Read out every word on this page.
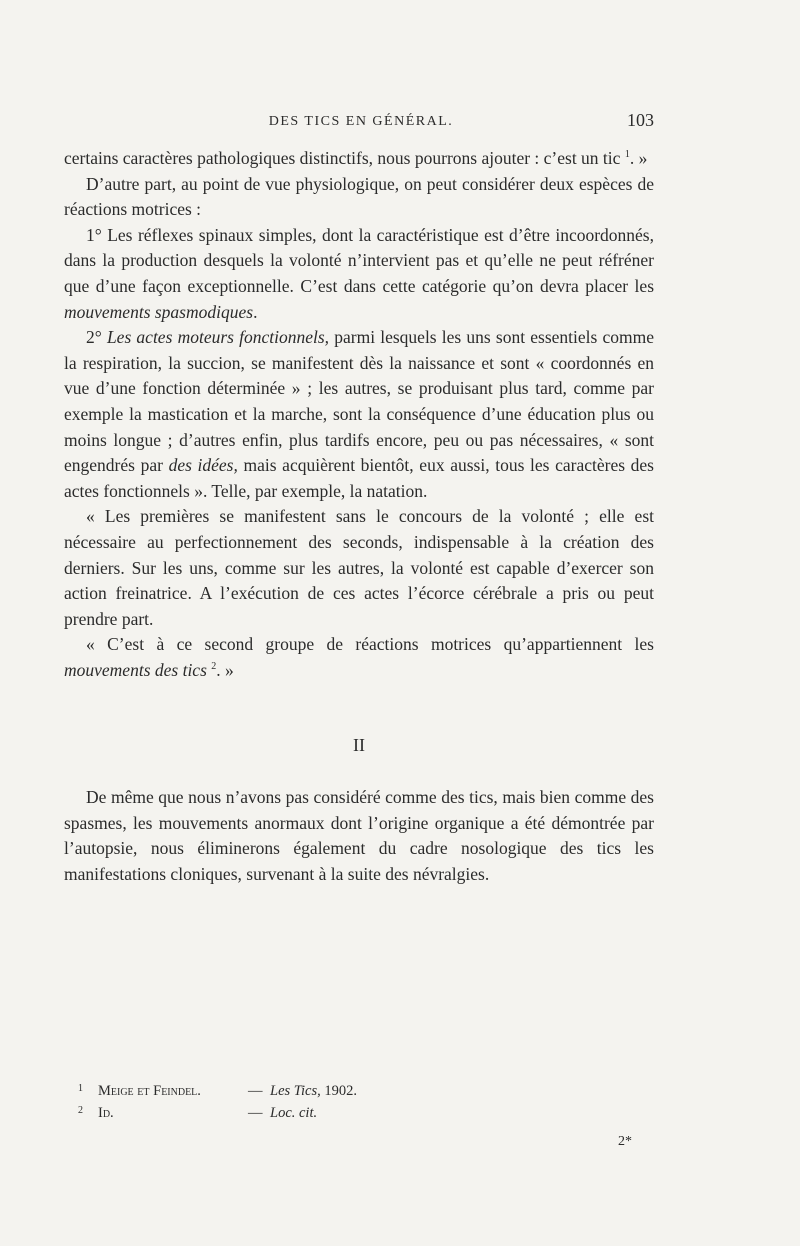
DES TICS EN GÉNÉRAL.	103

certains caractères pathologiques distinctifs, nous pourrons ajouter : c’est un tic $^1$. »

D’autre part, au point de vue physiologique, on peut considérer deux espèces de réactions motrices :

1° Les réflexes spinaux simples, dont la caractéristique est d’être incoordonnés, dans la production desquels la volonté n’intervient pas et qu’elle ne peut réfréner que d’une façon exceptionnelle. C’est dans cette catégorie qu’on devra placer les mouvements spasmodiques.

2° Les actes moteurs fonctionnels, parmi lesquels les uns sont essentiels comme la respiration, la succion, se manifestent dès la naissance et sont « coordonnés en vue d’une fonction déterminée » ; les autres, se produisant plus tard, comme par exemple la mastication et la marche, sont la conséquence d’une éducation plus ou moins longue ; d’autres enfin, plus tardifs encore, peu ou pas nécessaires, « sont engendrés par des idées, mais acquièrent bientôt, eux aussi, tous les caractères des actes fonctionnels ». Telle, par exemple, la natation.

« Les premières se manifestent sans le concours de la volonté ; elle est nécessaire au perfectionnement des seconds, indispensable à la création des derniers. Sur les uns, comme sur les autres, la volonté est capable d’exercer son action freinatrice. A l’exécution de ces actes l’écorce cérébrale a pris ou peut prendre part.

« C’est à ce second groupe de réactions motrices qu’appartiennent les mouvements des tics $^2$. »

II

De même que nous n’avons pas considéré comme des tics, mais bien comme des spasmes, les mouvements anormaux dont l’origine organique a été démontrée par l’autopsie, nous éliminerons également du cadre nosologique des tics les manifestations cloniques, survenant à la suite des névralgies.

1	Meige et Feindel.	— Les Tics, 1902.
2	Id.	— Loc. cit.
2*
